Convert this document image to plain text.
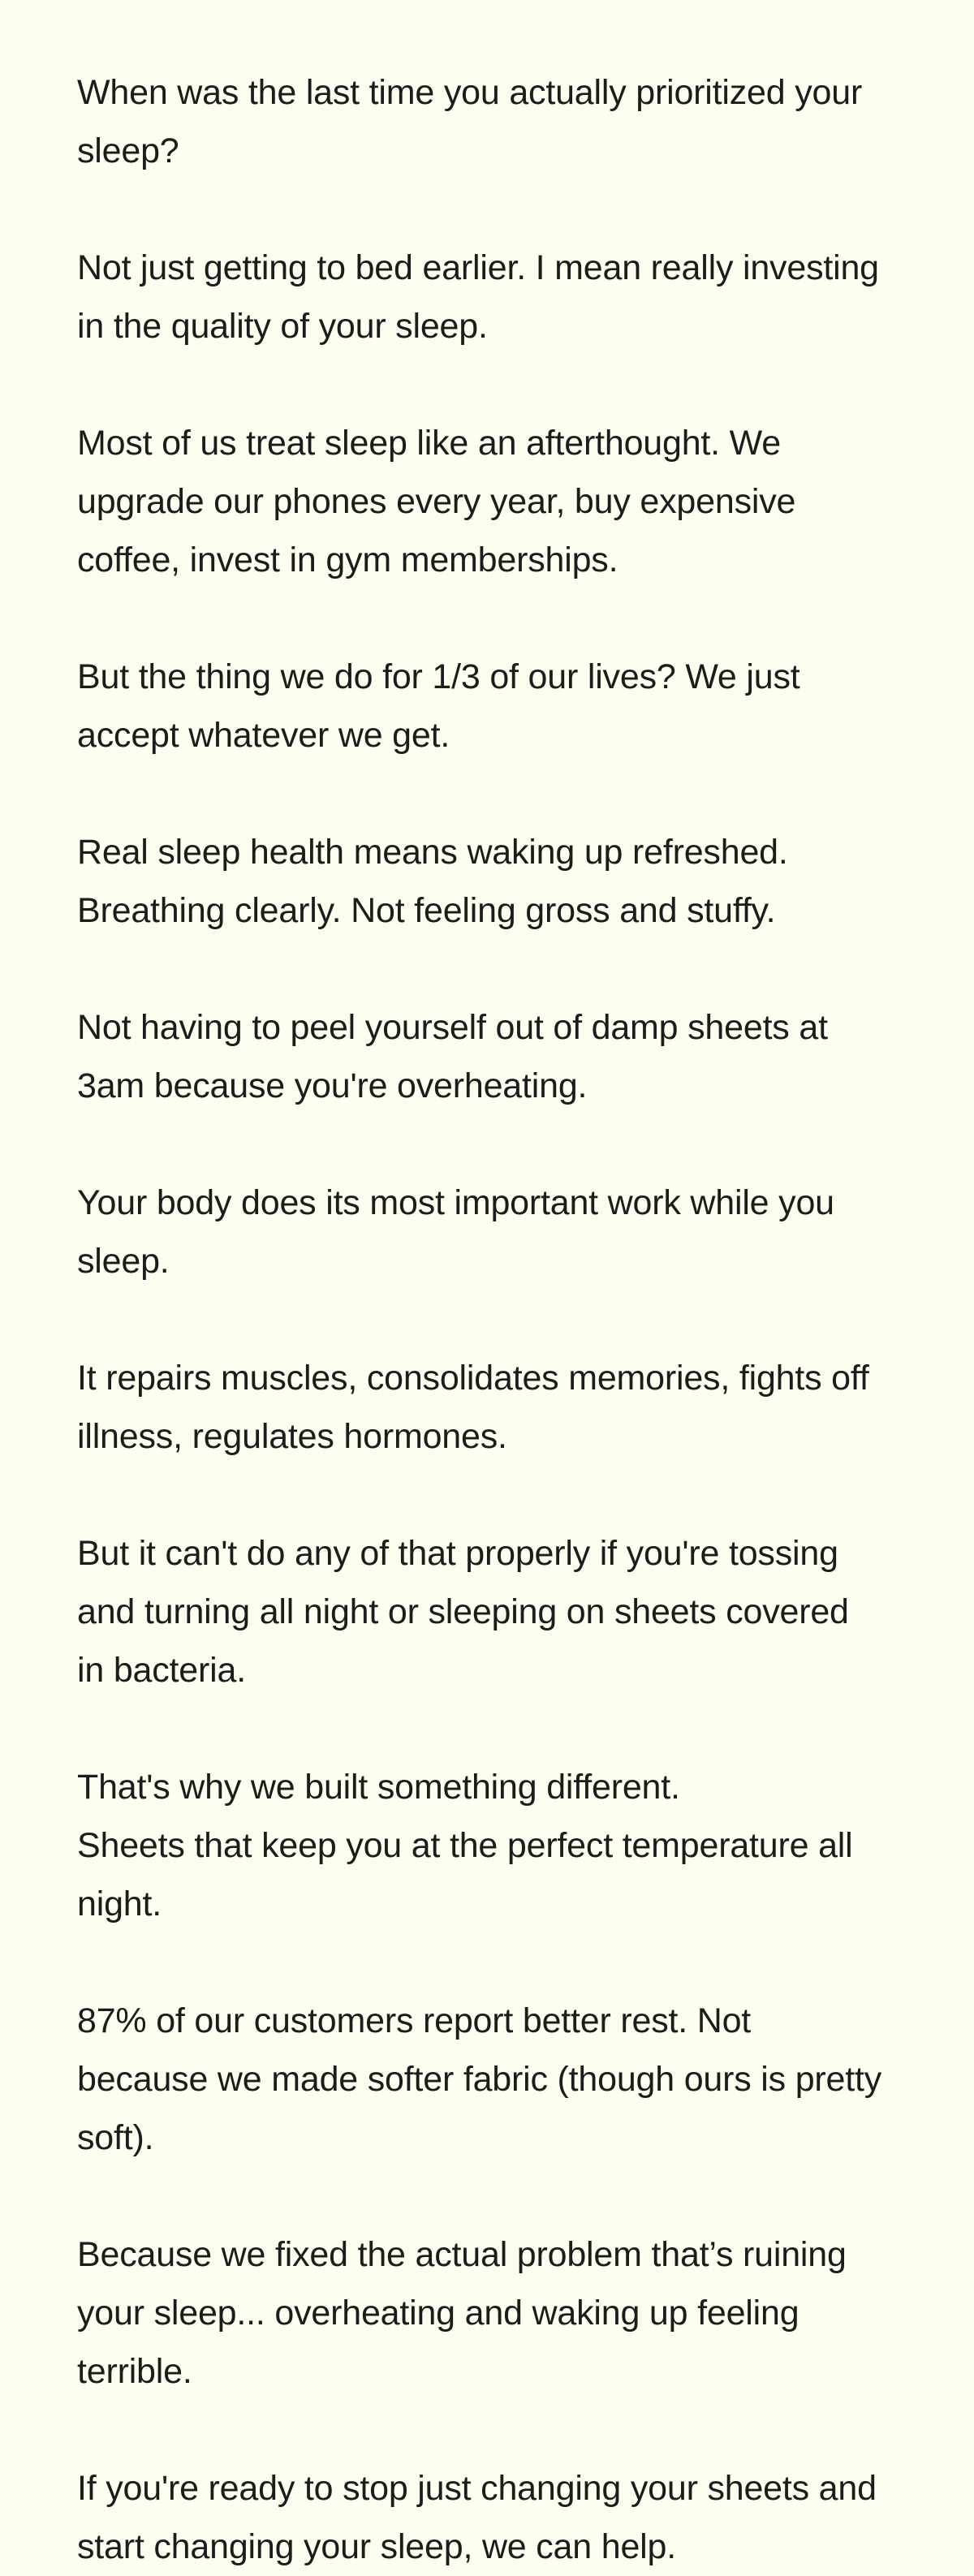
When was the last time you actually prioritized your sleep?

Not just getting to bed earlier. I mean really investing in the quality of your sleep.

Most of us treat sleep like an afterthought. We upgrade our phones every year, buy expensive coffee, invest in gym memberships.

But the thing we do for 1/3 of our lives? We just accept whatever we get.

Real sleep health means waking up refreshed.
Breathing clearly. Not feeling gross and stuffy.

Not having to peel yourself out of damp sheets at 3am because you're overheating.

Your body does its most important work while you sleep.

It repairs muscles, consolidates memories, fights off illness, regulates hormones.

But it can't do any of that properly if you're tossing and turning all night or sleeping on sheets covered in bacteria.

That's why we built something different.
Sheets that keep you at the perfect temperature all night.

87% of our customers report better rest. Not because we made softer fabric (though ours is pretty soft).

Because we fixed the actual problem that’s ruining your sleep... overheating and waking up feeling terrible.

If you're ready to stop just changing your sheets and start changing your sleep, we can help.
